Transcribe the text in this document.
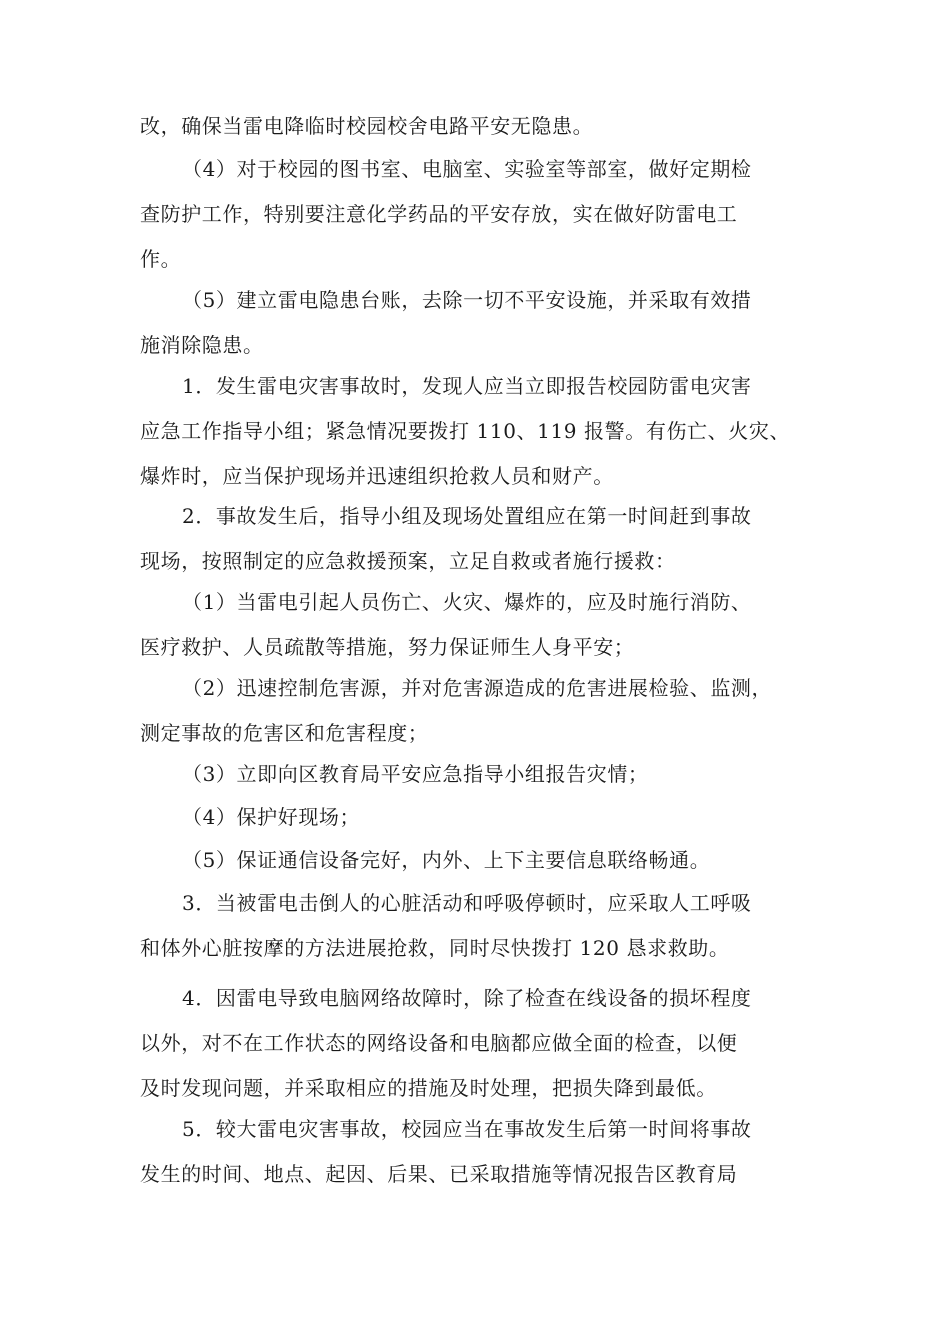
改，确保当雷电降临时校园校舍电路平安无隐患。

（4）对于校园的图书室、电脑室、实验室等部室，做好定期检
查防护工作，特别要注意化学药品的平安存放，实在做好防雷电工
作。

（5）建立雷电隐患台账，去除一切不平安设施，并采取有效措
施消除隐患。

1．发生雷电灾害事故时，发现人应当立即报告校园防雷电灾害
应急工作指导小组；紧急情况要拨打 110、119 报警。有伤亡、火灾、
爆炸时，应当保护现场并迅速组织抢救人员和财产。

2．事故发生后，指导小组及现场处置组应在第一时间赶到事故
现场，按照制定的应急救援预案，立足自救或者施行援救：

（1）当雷电引起人员伤亡、火灾、爆炸的，应及时施行消防、
医疗救护、人员疏散等措施，努力保证师生人身平安；

（2）迅速控制危害源，并对危害源造成的危害进展检验、监测，
测定事故的危害区和危害程度；

（3）立即向区教育局平安应急指导小组报告灾情；

（4）保护好现场；

（5）保证通信设备完好，内外、上下主要信息联络畅通。

3．当被雷电击倒人的心脏活动和呼吸停顿时，应采取人工呼吸
和体外心脏按摩的方法进展抢救，同时尽快拨打 120 恳求救助。

4．因雷电导致电脑网络故障时，除了检查在线设备的损坏程度
以外，对不在工作状态的网络设备和电脑都应做全面的检查，以便
及时发现问题，并采取相应的措施及时处理，把损失降到最低。

5．较大雷电灾害事故，校园应当在事故发生后第一时间将事故
发生的时间、地点、起因、后果、已采取措施等情况报告区教育局
